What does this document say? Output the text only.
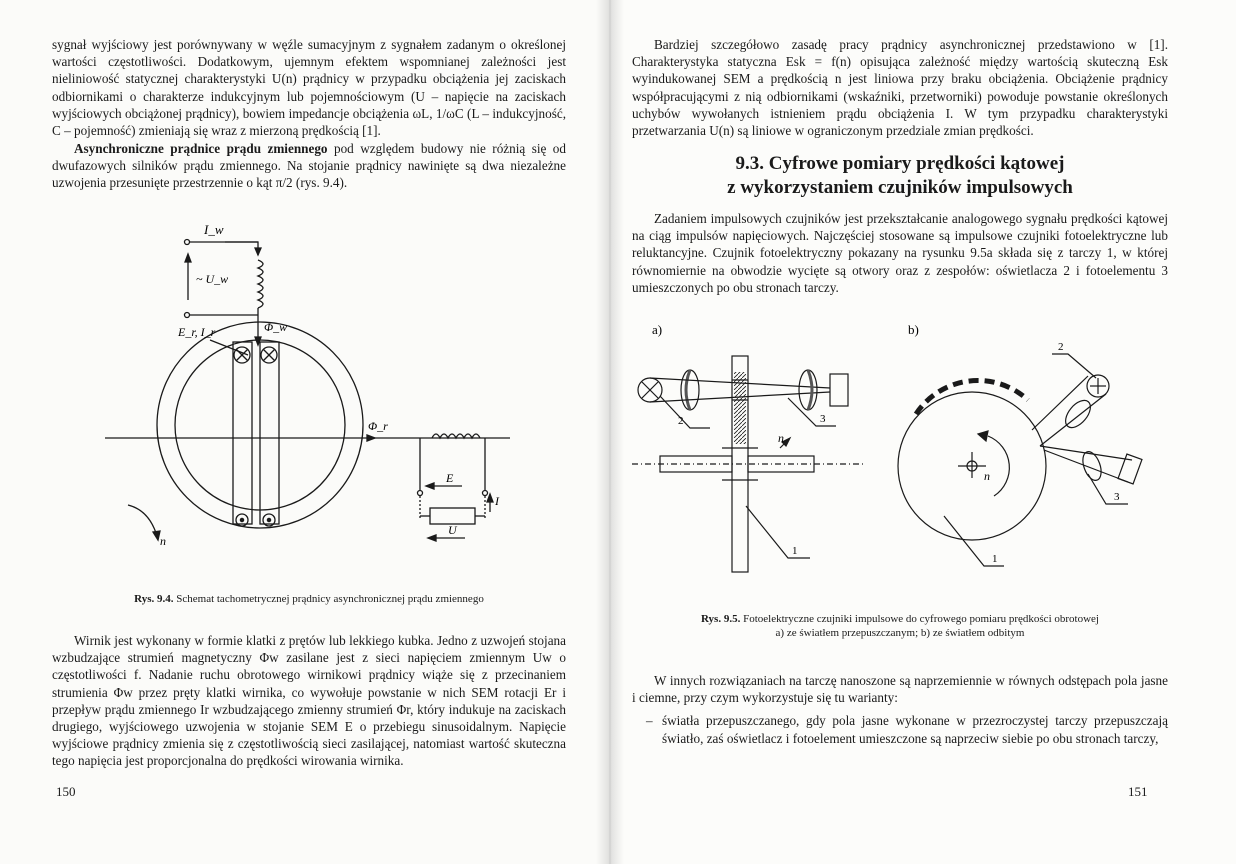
sygnał wyjściowy jest porównywany w węźle sumacyjnym z sygnałem zadanym o określonej wartości częstotliwości. Dodatkowym, ujemnym efektem wspomnianej zależności jest nieliniowość statycznej charakterystyki U(n) prądnicy w przypadku obciążenia jej zaciskach odbiornikami o charakterze indukcyjnym lub pojemnościowym (U – napięcie na zaciskach wyjściowych obciążonej prądnicy), bowiem impedancje obciążenia ωL, 1/ωC (L – indukcyjność, C – pojemność) zmieniają się wraz z mierzoną prędkością [1].

Asynchroniczne prądnice prądu zmiennego pod względem budowy nie różnią się od dwufazowych silników prądu zmiennego. Na stojanie prądnicy nawinięte są dwa niezależne uzwojenia przesunięte przestrzennie o kąt π/2 (rys. 9.4).

I_w
~ U_w
E_r, I_r	Φ_w
Φ_r
E
I
U
n

Rys. 9.4. Schemat tachometrycznej prądnicy asynchronicznej prądu zmiennego

Wirnik jest wykonany w formie klatki z prętów lub lekkiego kubka. Jedno z uzwojeń stojana wzbudzające strumień magnetyczny Φw zasilane jest z sieci napięciem zmiennym Uw o częstotliwości f. Nadanie ruchu obrotowego wirnikowi prądnicy wiąże się z przecinaniem strumienia Φw przez pręty klatki wirnika, co wywołuje powstanie w nich SEM rotacji Er i przepływ prądu zmiennego Ir wzbudzającego zmienny strumień Φr, który indukuje na zaciskach drugiego, wyjściowego uzwojenia w stojanie SEM E o przebiegu sinusoidalnym. Napięcie wyjściowe prądnicy zmienia się z częstotliwością sieci zasilającej, natomiast wartość skuteczna tego napięcia jest proporcjonalna do prędkości wirowania wirnika.

150

Bardziej szczegółowo zasadę pracy prądnicy asynchronicznej przedstawiono w [1]. Charakterystyka statyczna Esk = f(n) opisująca zależność między wartością skuteczną Esk wyindukowanej SEM a prędkością n jest liniowa przy braku obciążenia. Obciążenie prądnicy współpracującymi z nią odbiornikami (wskaźniki, przetworniki) powoduje powstanie określonych uchybów wywołanych istnieniem prądu obciążenia I. W tym przypadku charakterystyki przetwarzania U(n) są liniowe w ograniczonym przedziale zmian prędkości.

9.3. Cyfrowe pomiary prędkości kątowej
z wykorzystaniem czujników impulsowych

Zadaniem impulsowych czujników jest przekształcanie analogowego sygnału prędkości kątowej na ciąg impulsów napięciowych. Najczęściej stosowane są impulsowe czujniki fotoelektryczne lub reluktancyjne. Czujnik fotoelektryczny pokazany na rysunku 9.5a składa się z tarczy 1, w której równomiernie na obwodzie wycięte są otwory oraz z zespołów: oświetlacza 2 i fotoelementu 3 umieszczonych po obu stronach tarczy.

a)
2	3
1
n
b)
2
3
1
n
Rys. 9.5. Fotoelektryczne czujniki impulsowe do cyfrowego pomiaru prędkości obrotowej
a) ze światłem przepuszczanym; b) ze światłem odbitym

W innych rozwiązaniach na tarczę nanoszone są naprzemiennie w równych odstępach pola jasne i ciemne, przy czym wykorzystuje się tu warianty:

– światła przepuszczanego, gdy pola jasne wykonane w przezroczystej tarczy przepuszczają światło, zaś oświetlacz i fotoelement umieszczone są naprzeciw siebie po obu stronach tarczy,
151
